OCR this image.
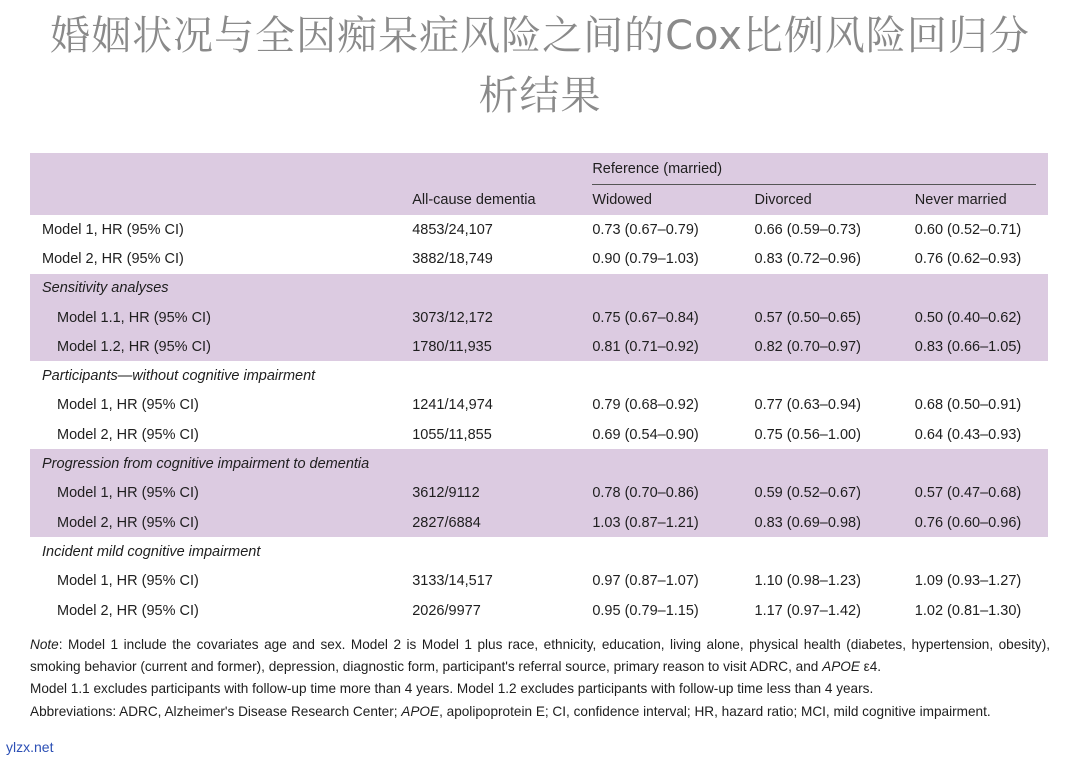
婚姻状况与全因痴呆症风险之间的Cox比例风险回归分
析结果
		Reference (married)		
	All-cause dementia	Widowed	Divorced	Never married
Model 1, HR (95% CI)	4853/24,107	0.73 (0.67–0.79)	0.66 (0.59–0.73)	0.60 (0.52–0.71)
Model 2, HR (95% CI)	3882/18,749	0.90 (0.79–1.03)	0.83 (0.72–0.96)	0.76 (0.62–0.93)
Sensitivity analyses				
Model 1.1, HR (95% CI)	3073/12,172	0.75 (0.67–0.84)	0.57 (0.50–0.65)	0.50 (0.40–0.62)
Model 1.2, HR (95% CI)	1780/11,935	0.81 (0.71–0.92)	0.82 (0.70–0.97)	0.83 (0.66–1.05)
Participants—without cognitive impairment				
Model 1, HR (95% CI)	1241/14,974	0.79 (0.68–0.92)	0.77 (0.63–0.94)	0.68 (0.50–0.91)
Model 2, HR (95% CI)	1055/11,855	0.69 (0.54–0.90)	0.75 (0.56–1.00)	0.64 (0.43–0.93)
Progression from cognitive impairment to dementia				
Model 1, HR (95% CI)	3612/9112	0.78 (0.70–0.86)	0.59 (0.52–0.67)	0.57 (0.47–0.68)
Model 2, HR (95% CI)	2827/6884	1.03 (0.87–1.21)	0.83 (0.69–0.98)	0.76 (0.60–0.96)
Incident mild cognitive impairment				
Model 1, HR (95% CI)	3133/14,517	0.97 (0.87–1.07)	1.10 (0.98–1.23)	1.09 (0.93–1.27)
Model 2, HR (95% CI)	2026/9977	0.95 (0.79–1.15)	1.17 (0.97–1.42)	1.02 (0.81–1.30)

Note: Model 1 include the covariates age and sex. Model 2 is Model 1 plus race, ethnicity, education, living alone, physical health (diabetes, hypertension, obesity), smoking behavior (current and former), depression, diagnostic form, participant's referral source, primary reason to visit ADRC, and APOE ε4.

Model 1.1 excludes participants with follow-up time more than 4 years. Model 1.2 excludes participants with follow-up time less than 4 years.

Abbreviations: ADRC, Alzheimer's Disease Research Center; APOE, apolipoprotein E; CI, confidence interval; HR, hazard ratio; MCI, mild cognitive impairment.

ylzx.net
